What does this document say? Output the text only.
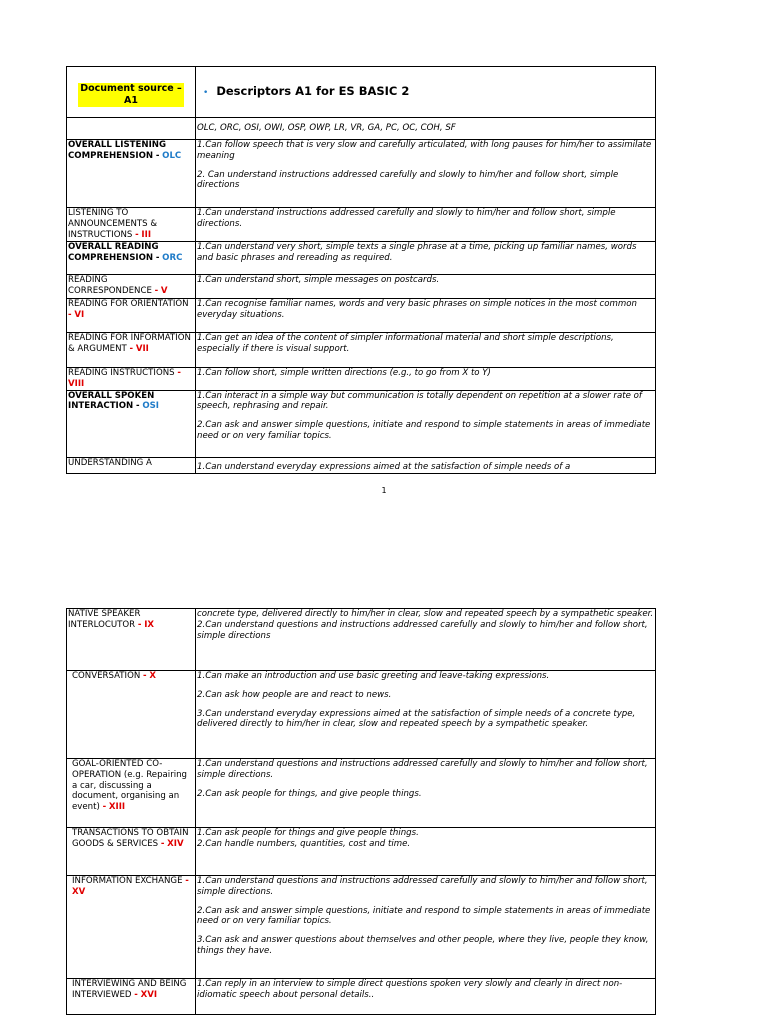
Document source –
A1	• Descriptors A1 for ES BASIC 2
	OLC, ORC, OSI, OWI, OSP, OWP, LR, VR, GA, PC, OC, COH, SF
OVERALL LISTENING COMPREHENSION - OLC	1.Can follow speech that is very slow and carefully articulated, with long pauses for him/her to assimilate meaning
2. Can understand instructions addressed carefully and slowly to him/her and follow short, simple directions

LISTENING TO ANNOUNCEMENTS & INSTRUCTIONS - III	1.Can understand instructions addressed carefully and slowly to him/her and follow short, simple directions.

OVERALL READING COMPREHENSION - ORC	1.Can understand very short, simple texts a single phrase at a time, picking up familiar names, words and basic phrases and rereading as required.

READING CORRESPONDENCE - V	1.Can understand short, simple messages on postcards.

READING FOR ORIENTATION - VI	1.Can recognise familiar names, words and very basic phrases on simple notices in the most common everyday situations.

READING FOR INFORMATION & ARGUMENT - VII	1.Can get an idea of the content of simpler informational material and short simple descriptions, especially if there is visual support.

READING INSTRUCTIONS - VIII	1.Can follow short, simple written directions (e.g., to go from X to Y)

OVERALL SPOKEN INTERACTION - OSI	1.Can interact in a simple way but communication is totally dependent on repetition at a slower rate of speech, rephrasing and repair.
2.Can ask and answer simple questions, initiate and respond to simple statements in areas of immediate need or on very familiar topics.

UNDERSTANDING A	1.Can understand everyday expressions aimed at the satisfaction of simple needs of a
1
NATIVE SPEAKER INTERLOCUTOR - IX	concrete type, delivered directly to him/her in clear, slow and repeated speech by a sympathetic speaker.
2.Can understand questions and instructions addressed carefully and slowly to him/her and follow short, simple directions

CONVERSATION - X	1.Can make an introduction and use basic greeting and leave-taking expressions.
2.Can ask how people are and react to news.
3.Can understand everyday expressions aimed at the satisfaction of simple needs of a concrete type, delivered directly to him/her in clear, slow and repeated speech by a sympathetic speaker.

GOAL-ORIENTED CO-OPERATION (e.g. Repairing a car, discussing a document, organising an event) - XIII	1.Can understand questions and instructions addressed carefully and slowly to him/her and follow short, simple directions.
2.Can ask people for things, and give people things.

TRANSACTIONS TO OBTAIN GOODS & SERVICES - XIV	1.Can ask people for things and give people things.
2.Can handle numbers, quantities, cost and time.

INFORMATION EXCHANGE - XV	1.Can understand questions and instructions addressed carefully and slowly to him/her and follow short, simple directions.
2.Can ask and answer simple questions, initiate and respond to simple statements in areas of immediate need or on very familiar topics.
3.Can ask and answer questions about themselves and other people, where they live, people they know, things they have.

INTERVIEWING AND BEING INTERVIEWED - XVI	1.Can reply in an interview to simple direct questions spoken very slowly and clearly in direct non-idiomatic speech about personal details..
